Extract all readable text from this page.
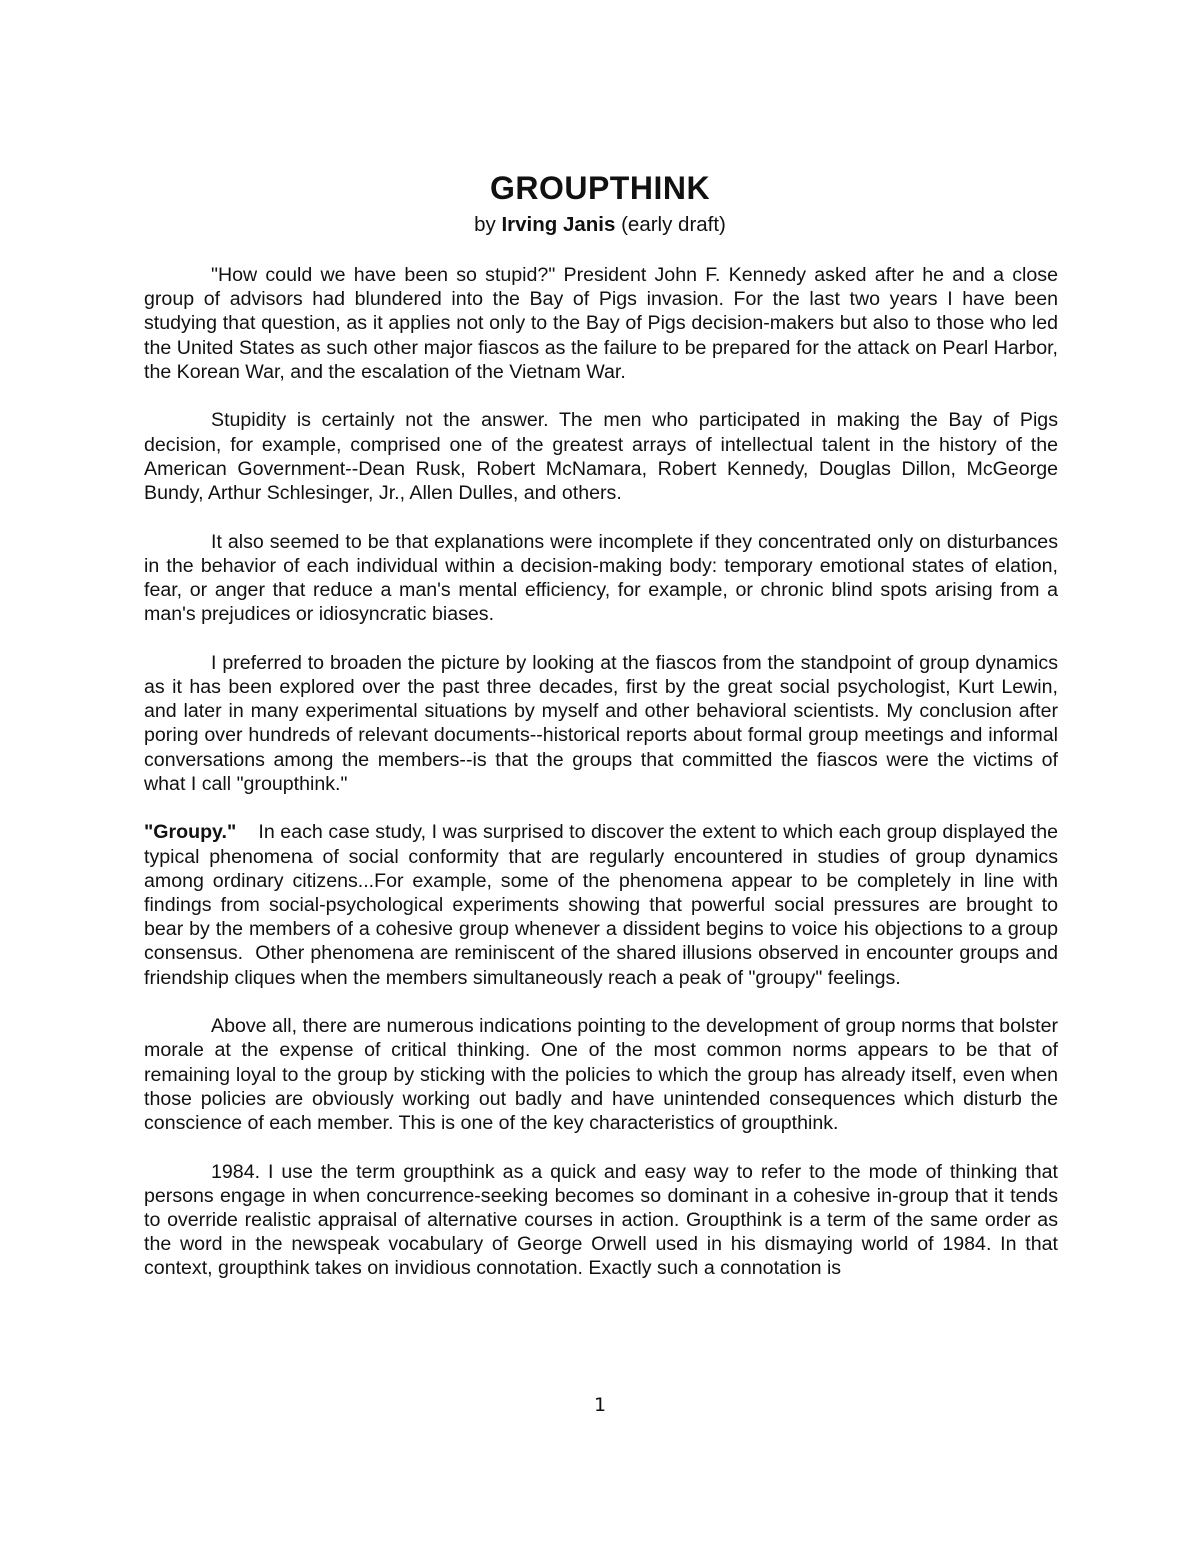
GROUPTHINK
by Irving Janis (early draft)

"How could we have been so stupid?" President John F. Kennedy asked after he and a close group of advisors had blundered into the Bay of Pigs invasion. For the last two years I have been studying that question, as it applies not only to the Bay of Pigs decision-makers but also to those who led the United States as such other major fiascos as the failure to be prepared for the attack on Pearl Harbor, the Korean War, and the escalation of the Vietnam War.

Stupidity is certainly not the answer. The men who participated in making the Bay of Pigs decision, for example, comprised one of the greatest arrays of intellectual talent in the history of the American Government--Dean Rusk, Robert McNamara, Robert Kennedy, Douglas Dillon, McGeorge Bundy, Arthur Schlesinger, Jr., Allen Dulles, and others.

It also seemed to be that explanations were incomplete if they concentrated only on disturbances in the behavior of each individual within a decision-making body: temporary emotional states of elation, fear, or anger that reduce a man's mental efficiency, for example, or chronic blind spots arising from a man's prejudices or idiosyncratic biases.

I preferred to broaden the picture by looking at the fiascos from the standpoint of group dynamics as it has been explored over the past three decades, first by the great social psychologist, Kurt Lewin, and later in many experimental situations by myself and other behavioral scientists. My conclusion after poring over hundreds of relevant documents--historical reports about formal group meetings and informal conversations among the members--is that the groups that committed the fiascos were the victims of what I call "groupthink."

"Groupy."    In each case study, I was surprised to discover the extent to which each group displayed the typical phenomena of social conformity that are regularly encountered in studies of group dynamics among ordinary citizens...For example, some of the phenomena appear to be completely in line with findings from social-psychological experiments showing that powerful social pressures are brought to bear by the members of a cohesive group whenever a dissident begins to voice his objections to a group consensus.  Other phenomena are reminiscent of the shared illusions observed in encounter groups and friendship cliques when the members simultaneously reach a peak of "groupy" feelings.

Above all, there are numerous indications pointing to the development of group norms that bolster morale at the expense of critical thinking. One of the most common norms appears to be that of remaining loyal to the group by sticking with the policies to which the group has already itself, even when those policies are obviously working out badly and have unintended consequences which disturb the conscience of each member. This is one of the key characteristics of groupthink.

1984. I use the term groupthink as a quick and easy way to refer to the mode of thinking that persons engage in when concurrence-seeking becomes so dominant in a cohesive in-group that it tends to override realistic appraisal of alternative courses in action. Groupthink is a term of the same order as the word in the newspeak vocabulary of George Orwell used in his dismaying world of 1984. In that context, groupthink takes on invidious connotation. Exactly such a connotation is

1
